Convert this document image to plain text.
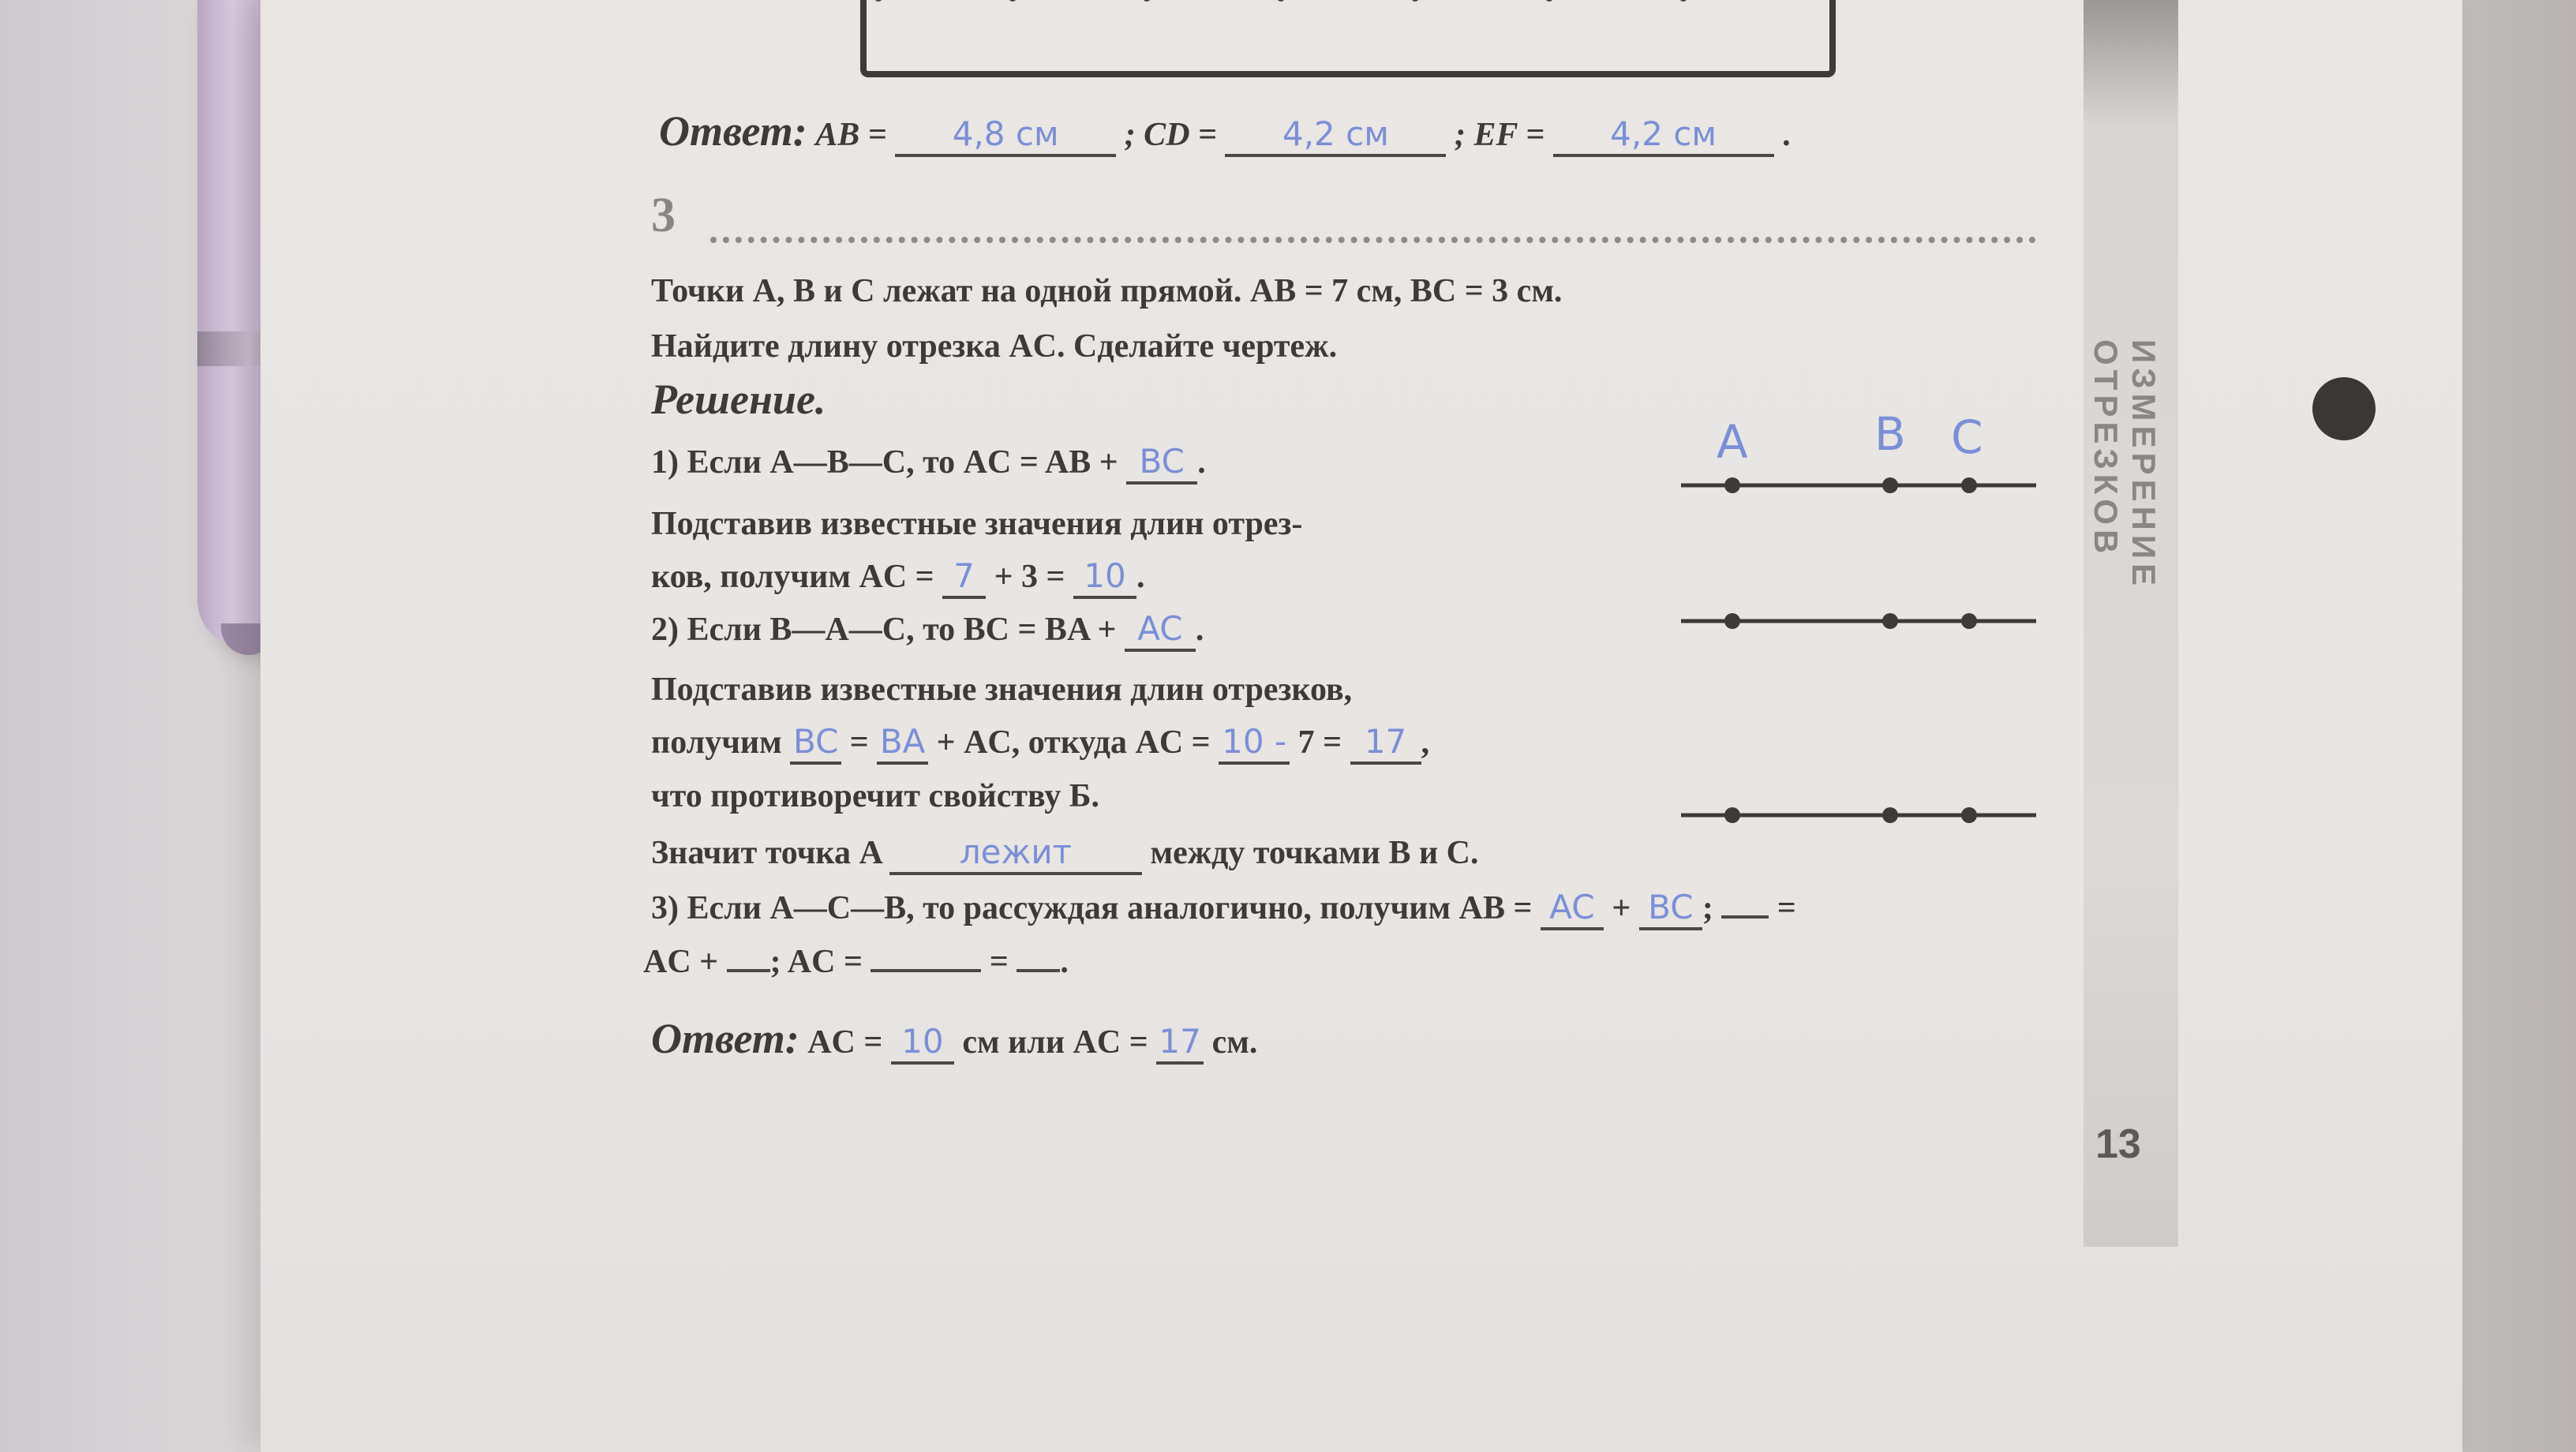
ИЗМЕРЕНИЕ ОТРЕЗКОВ
13
Ответ: AB = 4,8 см ; CD = 4,2 см ; EF = 4,2 см .
3
Точки A, B и C лежат на одной прямой. AB = 7 см, BC = 3 см.
Найдите длину отрезка AC. Сделайте чертеж.
Решение.
1) Если A—B—C, то AC = AB + BC .
Подставив известные значения длин отрез-
ков, получим AC = 7 + 3 = 10 .
2) Если B—A—C, то BC = BA + AC .
Подставив известные значения длин отрезков,
получим BC = BA + AC, откуда AC = 10 - 7 = 17 ,
что противоречит свойству Б.
Значит точка A лежит между точками B и C.
3) Если A—C—B, то рассуждая аналогично, получим AB = AC + BC ; =
AC + ; AC =	= .
Ответ: AC = 10 см или AC = 17 см.
A	B C
